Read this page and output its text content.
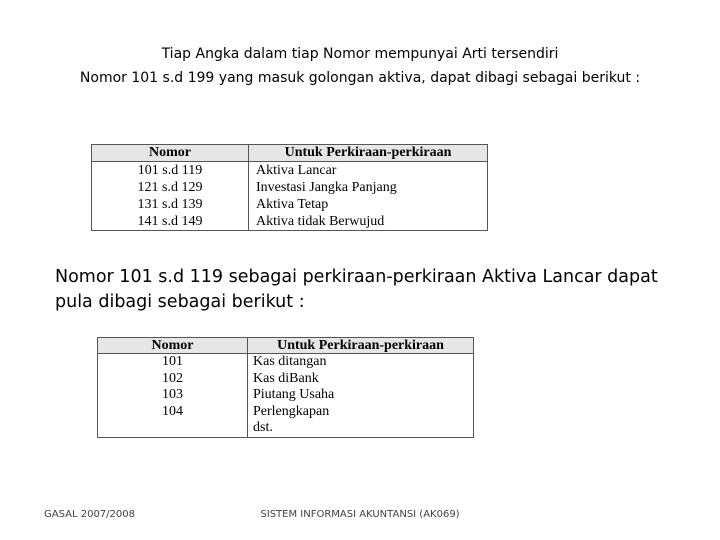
Tiap Angka dalam tiap Nomor mempunyai Arti tersendiri
Nomor 101 s.d 199 yang masuk golongan aktiva, dapat dibagi sebagai berikut :
Nomor	Untuk Perkiraan-perkiraan
101 s.d 119	Aktiva Lancar
121 s.d 129	Investasi Jangka Panjang
131 s.d 139	Aktiva Tetap
141 s.d 149	Aktiva tidak Berwujud
Nomor 101 s.d 119 sebagai perkiraan-perkiraan Aktiva Lancar dapat pula dibagi sebagai berikut :
Nomor	Untuk Perkiraan-perkiraan
101	Kas ditangan
102	Kas diBank
103	Piutang Usaha
104	Perlengkapan
	dst.
GASAL 2007/2008	SISTEM INFORMASI AKUNTANSI (AK069)
